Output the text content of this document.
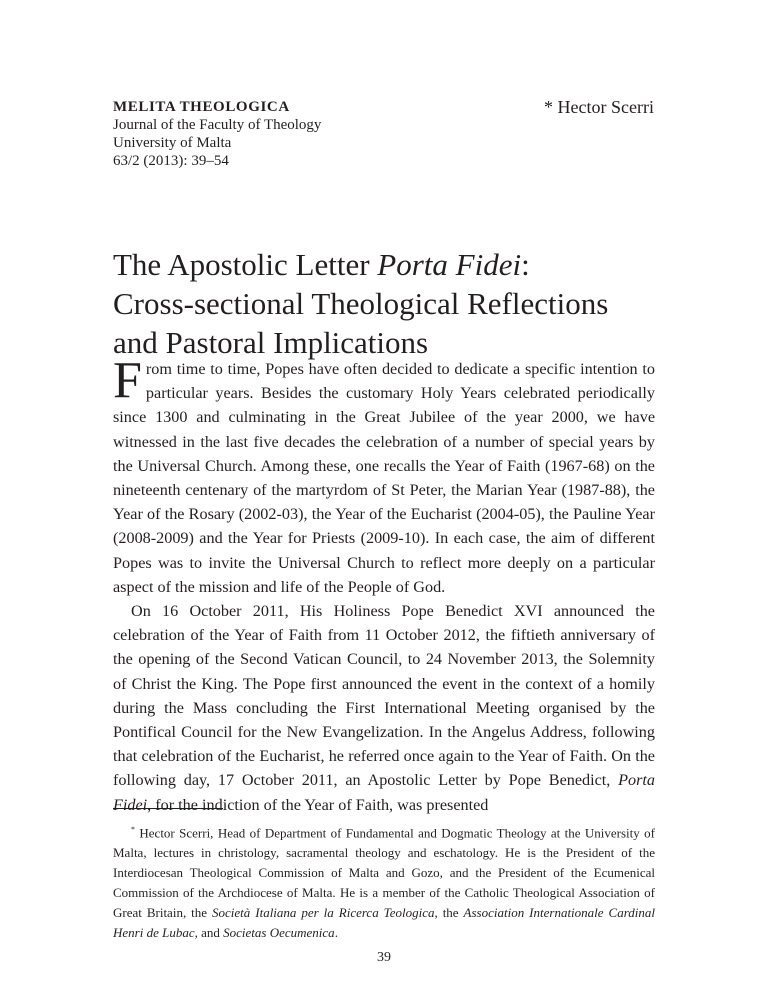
MELITA THEOLOGICA
Journal of the Faculty of Theology
University of Malta
63/2 (2013): 39–54
* Hector Scerri
The Apostolic Letter Porta Fidei:
Cross-sectional Theological Reflections
and Pastoral Implications

From time to time, Popes have often decided to dedicate a specific intention to particular years. Besides the customary Holy Years celebrated periodically since 1300 and culminating in the Great Jubilee of the year 2000, we have witnessed in the last five decades the celebration of a number of special years by the Universal Church. Among these, one recalls the Year of Faith (1967-68) on the nineteenth centenary of the martyrdom of St Peter, the Marian Year (1987-88), the Year of the Rosary (2002-03), the Year of the Eucharist (2004-05), the Pauline Year (2008-2009) and the Year for Priests (2009-10). In each case, the aim of different Popes was to invite the Universal Church to reflect more deeply on a particular aspect of the mission and life of the People of God.

On 16 October 2011, His Holiness Pope Benedict XVI announced the celebration of the Year of Faith from 11 October 2012, the fiftieth anniversary of the opening of the Second Vatican Council, to 24 November 2013, the Solemnity of Christ the King. The Pope first announced the event in the context of a homily during the Mass concluding the First International Meeting organised by the Pontifical Council for the New Evangelization. In the Angelus Address, following that celebration of the Eucharist, he referred once again to the Year of Faith. On the following day, 17 October 2011, an Apostolic Letter by Pope Benedict, Porta Fidei, for the indiction of the Year of Faith, was presented

* Hector Scerri, Head of Department of Fundamental and Dogmatic Theology at the University of Malta, lectures in christology, sacramental theology and eschatology. He is the President of the Interdiocesan Theological Commission of Malta and Gozo, and the President of the Ecumenical Commission of the Archdiocese of Malta. He is a member of the Catholic Theological Association of Great Britain, the Società Italiana per la Ricerca Teologica, the Association Internationale Cardinal Henri de Lubac, and Societas Oecumenica.
39
